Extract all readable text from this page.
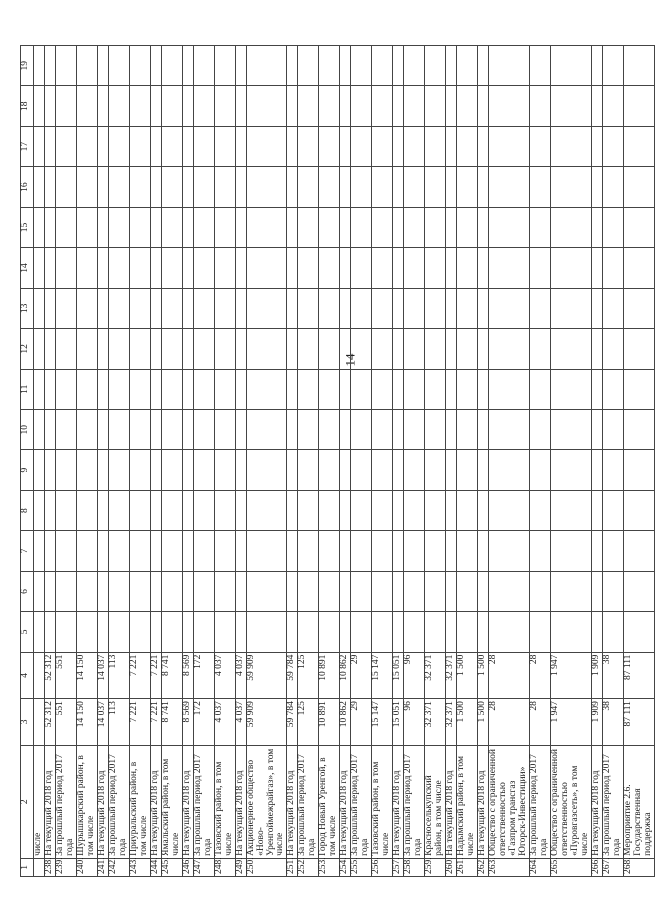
14
1	2	3	4	5	6	7	8	9	10	11	12	13	14	15	16	17	18	19
	числе																	
238.	На текущий 2018 год	52 312	52 312															
239.	За прошлый период 2017 года	551	551															
240.	Шурышкарский район, в том числе	14 150	14 150															
241.	На текущий 2018 год	14 037	14 037															
242.	За прошлый период 2017 года	113	113															
243.	Приуральский район, в том числе	7 221	7 221															
244.	На текущий 2018 год	7 221	7 221															
245.	Ямальский район, в том числе	8 741	8 741															
246.	На текущий 2018 год	8 569	8 569															
247.	За прошлый период 2017 года	172	172															
248.	Тазовский район, в том числе	4 037	4 037															
249.	На текущий 2018 год	4 037	4 037															
250.	Акционерное общество «Ново-Уренгоймежрайгаз», в том числе	59 909	59 909															
251.	На текущий 2018 год	59 784	59 784															
252.	За прошлый период 2017 года	125	125															
253.	Город Новый Уренгой, в том числе	10 891	10 891															
254.	На текущий 2018 год	10 862	10 862															
255.	За прошлый период 2017 года	29	29															
256.	Тазовский район, в том числе	15 147	15 147															
257.	На текущий 2018 год	15 051	15 051															
258.	За прошлый период 2017 года	96	96															
259.	Красноселькупский район, в том числе	32 371	32 371															
260.	На текущий 2018 год	32 371	32 371															
261.	Надымский район, в том числе	1 500	1 500															
262.	На текущий 2018 год	1 500	1 500															
263.	Общество с ограниченной ответственностью «Газпром трансгаз Югорск-Инвестиции»	28	28															
264.	За прошлый период 2017 года	28	28															
265.	Общество с ограниченной ответственностью «Пуровгазсеть», в том числе	1 947	1 947															
266.	На текущий 2018 год	1 909	1 909															
267.	За прошлый период 2017 года	38	38															
268.	Мероприятие 2.6. Государственная поддержка	87 111	87 111															
